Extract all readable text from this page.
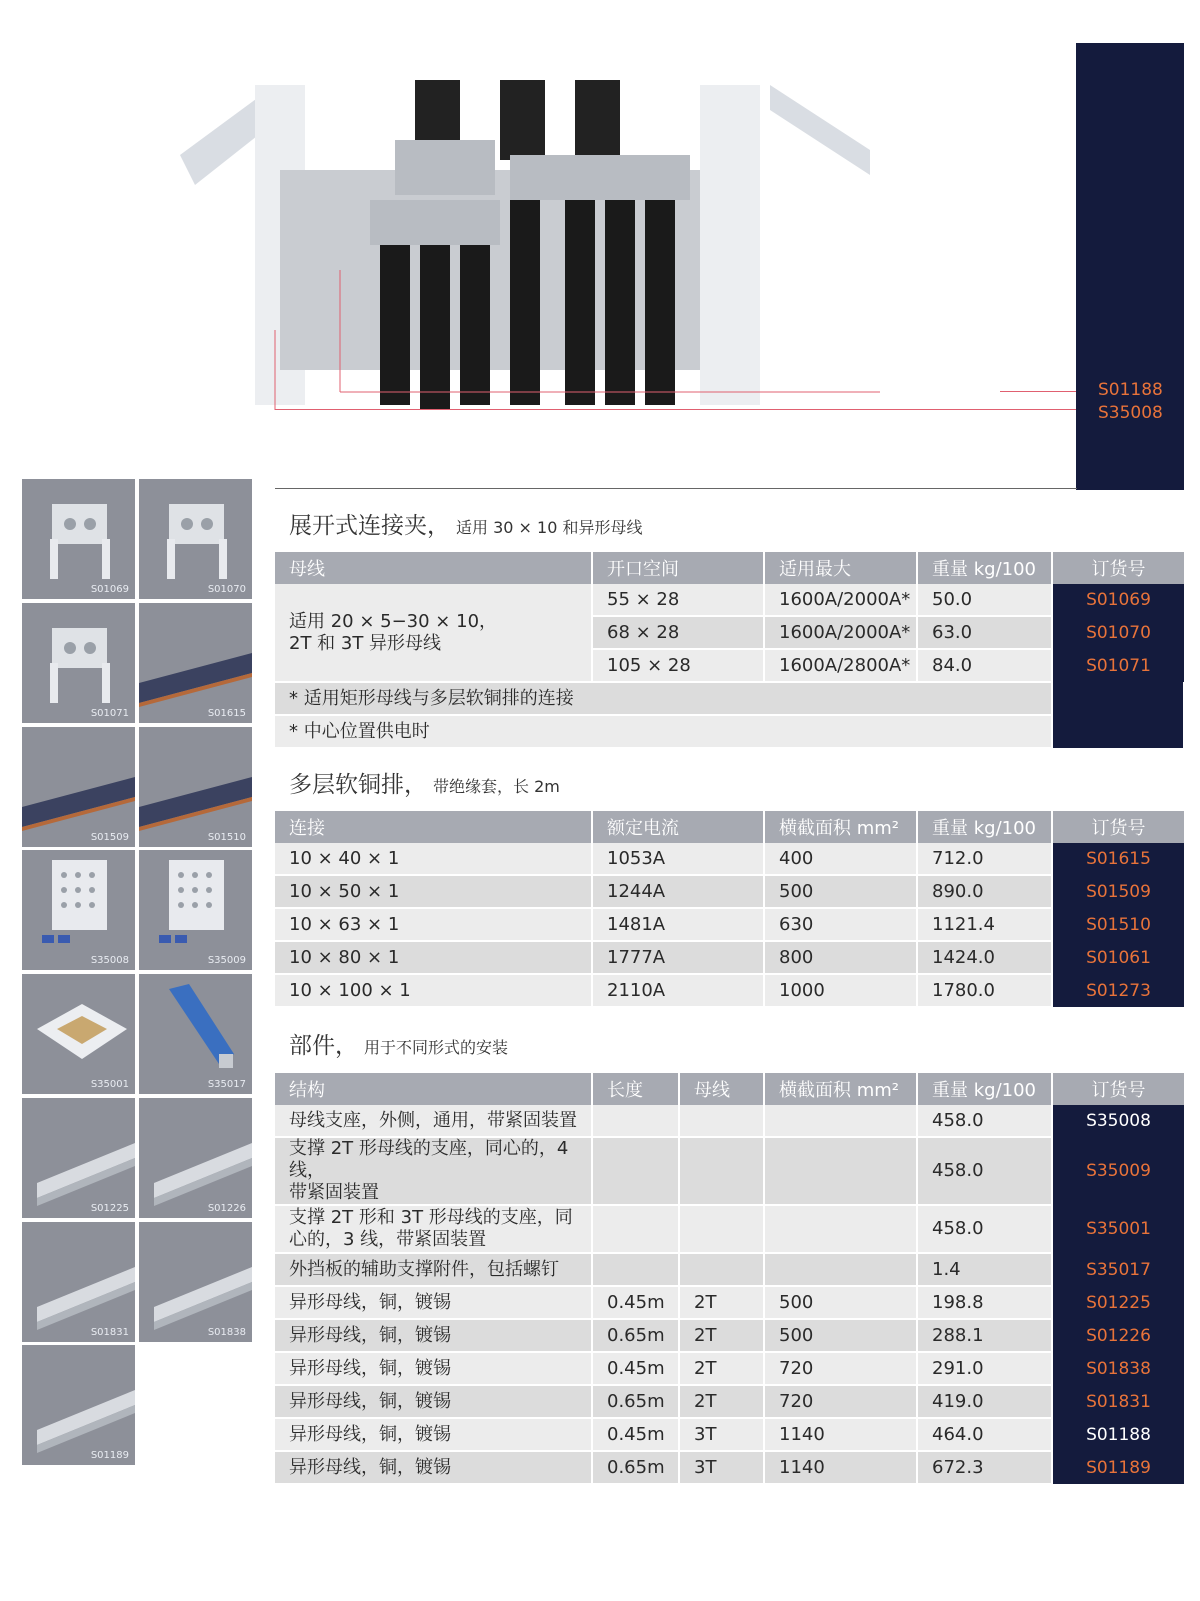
S01188
S35008
S01069	S01070
S01071	S01615
S01509	S01510
S35008	S35009
S35001	S35017
S01225	S01226
S01831	S01838
S01189
展开式连接夹， 适用 30 × 10 和异形母线
母线	开口空间	适用最大	重量 kg/100	订货号
适用 20 × 5−30 × 10，
2T 和 3T 异形母线	55 × 28	1600A/2000A*	50.0	S01069
	68 × 28	1600A/2000A*	63.0	S01070
	105 × 28	1600A/2800A*	84.0	S01071
* 适用矩形母线与多层软铜排的连接				
* 中心位置供电时				
多层软铜排， 带绝缘套，长 2m
连接	额定电流	横截面积 mm²	重量 kg/100	订货号
10 × 40 × 1	1053A	400	712.0	S01615
10 × 50 × 1	1244A	500	890.0	S01509
10 × 63 × 1	1481A	630	1121.4	S01510
10 × 80 × 1	1777A	800	1424.0	S01061
10 × 100 × 1	2110A	1000	1780.0	S01273
部件， 用于不同形式的安装
结构	长度	母线	横截面积 mm²	重量 kg/100	订货号
母线支座，外侧，通用，带紧固装置				458.0	S35008
支撑 2T 形母线的支座，同心的，4 线，
带紧固装置				458.0	S35009
支撑 2T 形和 3T 形母线的支座，同
心的，3 线，带紧固装置				458.0	S35001
外挡板的辅助支撑附件，包括螺钉				1.4	S35017
异形母线，铜，镀锡	0.45m	2T	500	198.8	S01225
异形母线，铜，镀锡	0.65m	2T	500	288.1	S01226
异形母线，铜，镀锡	0.45m	2T	720	291.0	S01838
异形母线，铜，镀锡	0.65m	2T	720	419.0	S01831
异形母线，铜，镀锡	0.45m	3T	1140	464.0	S01188
异形母线，铜，镀锡	0.65m	3T	1140	672.3	S01189
